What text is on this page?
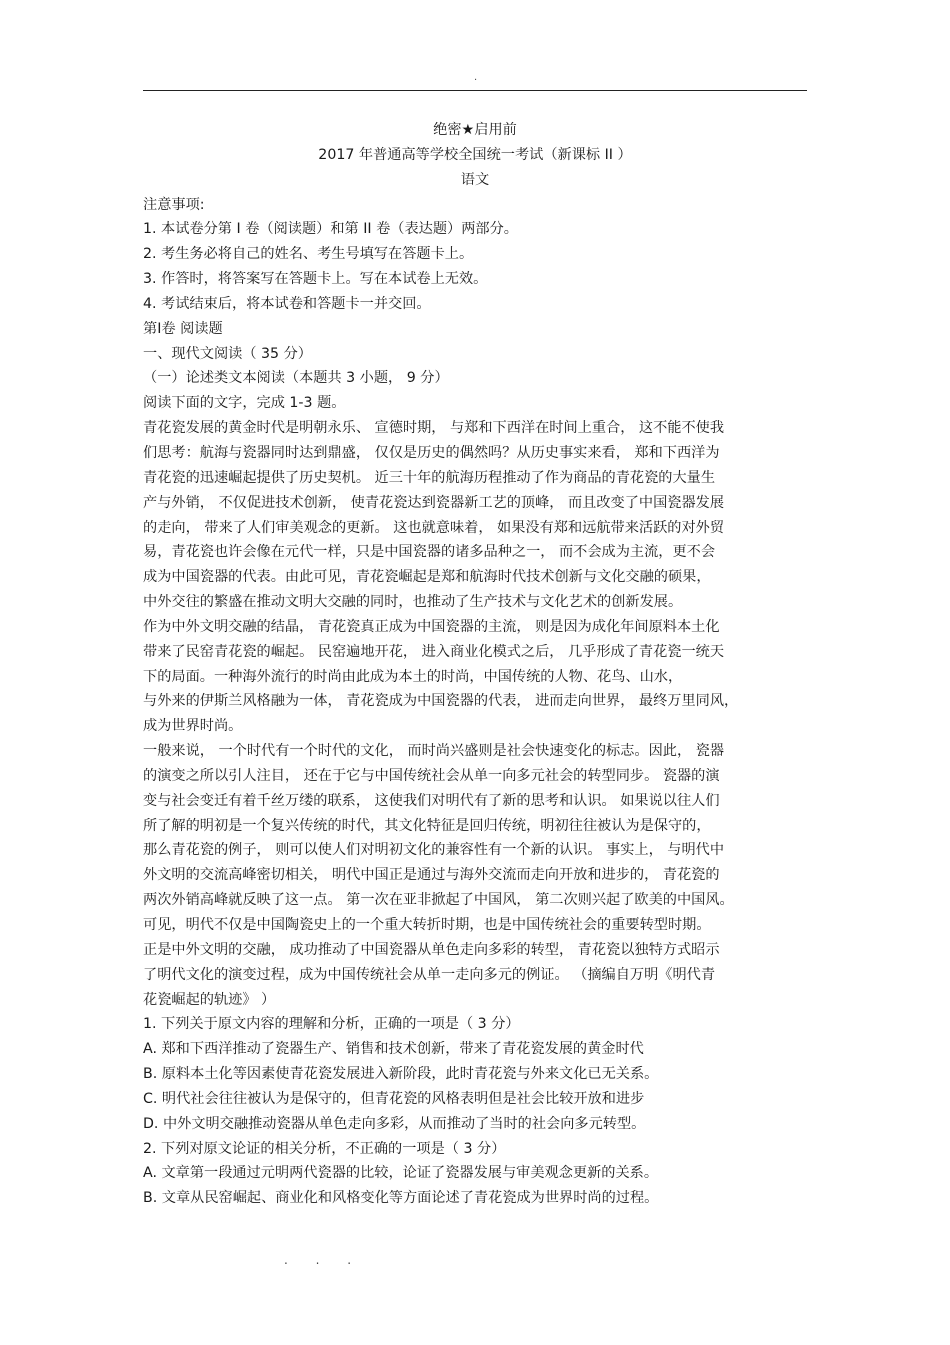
.
绝密★启用前
2017 年普通高等学校全国统一考试（新课标 II ）
语文
注意事项:
1. 本试卷分第 I 卷（阅读题）和第 II 卷（表达题）两部分。
2. 考生务必将自己的姓名、考生号填写在答题卡上。
3. 作答时，将答案写在答题卡上。写在本试卷上无效。
4. 考试结束后，将本试卷和答题卡一并交回。
第Ⅰ卷 阅读题
一、现代文阅读（ 35 分）
（一）论述类文本阅读（本题共 3 小题， 9 分）
阅读下面的文字，完成 1-3 题。
青花瓷发展的黄金时代是明朝永乐、 宣德时期， 与郑和下西洋在时间上重合， 这不能不使我
们思考：航海与瓷器同时达到鼎盛， 仅仅是历史的偶然吗？从历史事实来看， 郑和下西洋为
青花瓷的迅速崛起提供了历史契机。 近三十年的航海历程推动了作为商品的青花瓷的大量生
产与外销， 不仅促进技术创新， 使青花瓷达到瓷器新工艺的顶峰， 而且改变了中国瓷器发展
的走向， 带来了人们审美观念的更新。 这也就意味着， 如果没有郑和远航带来活跃的对外贸
易，青花瓷也许会像在元代一样，只是中国瓷器的诸多品种之一， 而不会成为主流，更不会
成为中国瓷器的代表。由此可见，青花瓷崛起是郑和航海时代技术创新与文化交融的硕果，
中外交往的繁盛在推动文明大交融的同时，也推动了生产技术与文化艺术的创新发展。
作为中外文明交融的结晶， 青花瓷真正成为中国瓷器的主流， 则是因为成化年间原料本土化
带来了民窑青花瓷的崛起。 民窑遍地开花， 进入商业化模式之后， 几乎形成了青花瓷一统天
下的局面。一种海外流行的时尚由此成为本土的时尚，中国传统的人物、花鸟、山水，
与外来的伊斯兰风格融为一体， 青花瓷成为中国瓷器的代表， 进而走向世界， 最终万里同风，
成为世界时尚。
一般来说， 一个时代有一个时代的文化， 而时尚兴盛则是社会快速变化的标志。因此， 瓷器
的演变之所以引人注目， 还在于它与中国传统社会从单一向多元社会的转型同步。 瓷器的演
变与社会变迁有着千丝万缕的联系， 这使我们对明代有了新的思考和认识。 如果说以往人们
所了解的明初是一个复兴传统的时代，其文化特征是回归传统，明初往往被认为是保守的，
那么青花瓷的例子， 则可以使人们对明初文化的兼容性有一个新的认识。 事实上， 与明代中
外文明的交流高峰密切相关， 明代中国正是通过与海外交流而走向开放和进步的， 青花瓷的
两次外销高峰就反映了这一点。 第一次在亚非掀起了中国风， 第二次则兴起了欧美的中国风。
可见，明代不仅是中国陶瓷史上的一个重大转折时期，也是中国传统社会的重要转型时期。
正是中外文明的交融， 成功推动了中国瓷器从单色走向多彩的转型， 青花瓷以独特方式昭示
了明代文化的演变过程，成为中国传统社会从单一走向多元的例证。 （摘编自万明《明代青
花瓷崛起的轨迹》 ）
1. 下列关于原文内容的理解和分析，正确的一项是（ 3 分）
A. 郑和下西洋推动了瓷器生产、销售和技术创新，带来了青花瓷发展的黄金时代
B. 原料本土化等因素使青花瓷发展进入新阶段，此时青花瓷与外来文化已无关系。
C. 明代社会往往被认为是保守的，但青花瓷的风格表明但是社会比较开放和进步
D. 中外文明交融推动瓷器从单色走向多彩，从而推动了当时的社会向多元转型。
2. 下列对原文论证的相关分析，不正确的一项是（ 3 分）
A. 文章第一段通过元明两代瓷器的比较，论证了瓷器发展与审美观念更新的关系。
B. 文章从民窑崛起、商业化和风格变化等方面论述了青花瓷成为世界时尚的过程。
. . .
